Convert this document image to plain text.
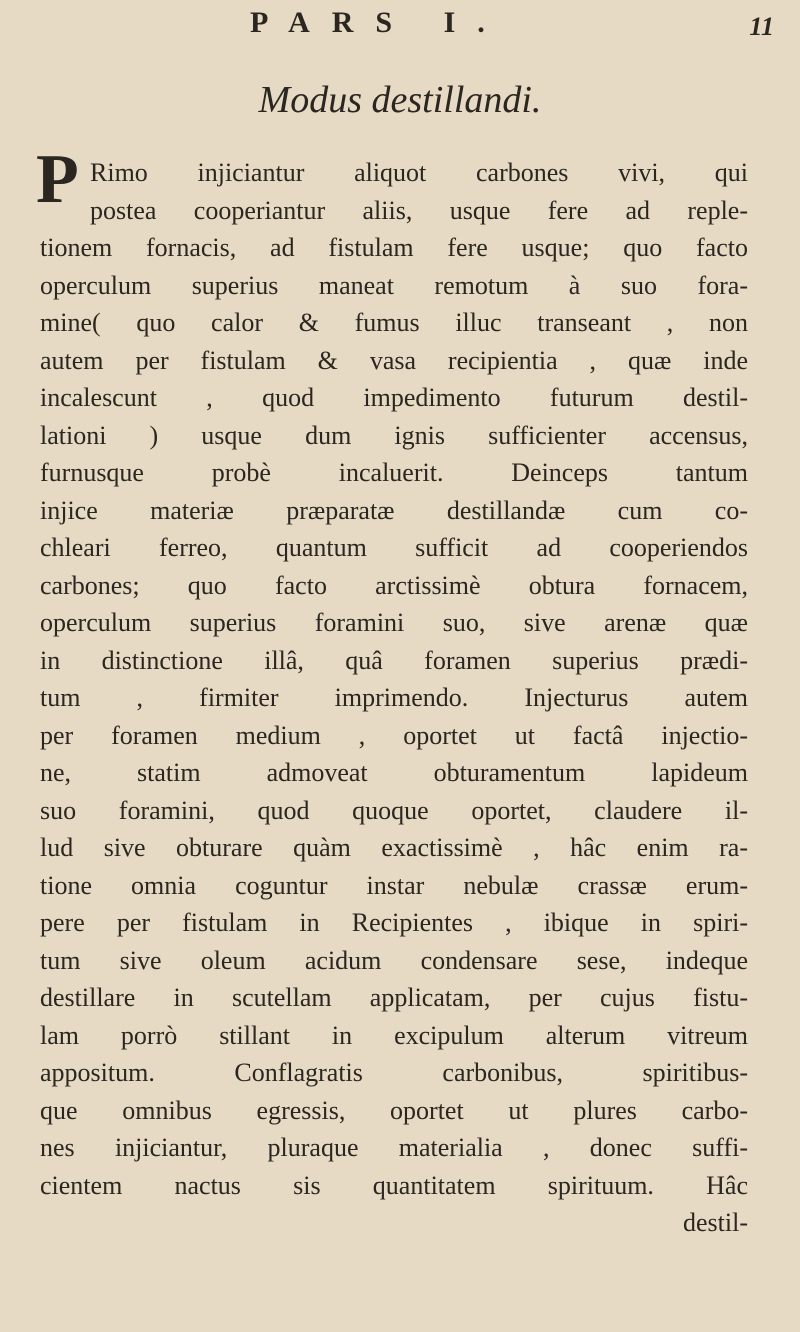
PARS I.	11
Modus destillandi.
P Rimo injiciantur aliquot carbones vivi, qui
postea cooperiantur aliis, usque fere ad reple-
tionem fornacis, ad fistulam fere usque; quo facto
operculum superius maneat remotum à suo fora-
mine( quo calor & fumus illuc transeant , non
autem per fistulam & vasa recipientia , quæ inde
incalescunt , quod impedimento futurum destil-
lationi ) usque dum ignis sufficienter accensus,
furnusque probè incaluerit. Deinceps tantum
injice materiæ præparatæ destillandæ cum co-
chleari ferreo, quantum sufficit ad cooperiendos
carbones; quo facto arctissimè obtura fornacem,
operculum superius foramini suo, sive arenæ quæ
in distinctione illâ, quâ foramen superius prædi-
tum , firmiter imprimendo. Injecturus autem
per foramen medium , oportet ut factâ injectio-
ne, statim admoveat obturamentum lapideum
suo foramini, quod quoque oportet, claudere il-
lud sive obturare quàm exactissimè , hâc enim ra-
tione omnia coguntur instar nebulæ crassæ erum-
pere per fistulam in Recipientes , ibique in spiri-
tum sive oleum acidum condensare sese, indeque
destillare in scutellam applicatam, per cujus fistu-
lam porrò stillant in excipulum alterum vitreum
appositum. Conflagratis carbonibus, spiritibus-
que omnibus egressis, oportet ut plures carbo-
nes injiciantur, pluraque materialia , donec suffi-
cientem nactus sis quantitatem spirituum. Hâc
destil-
